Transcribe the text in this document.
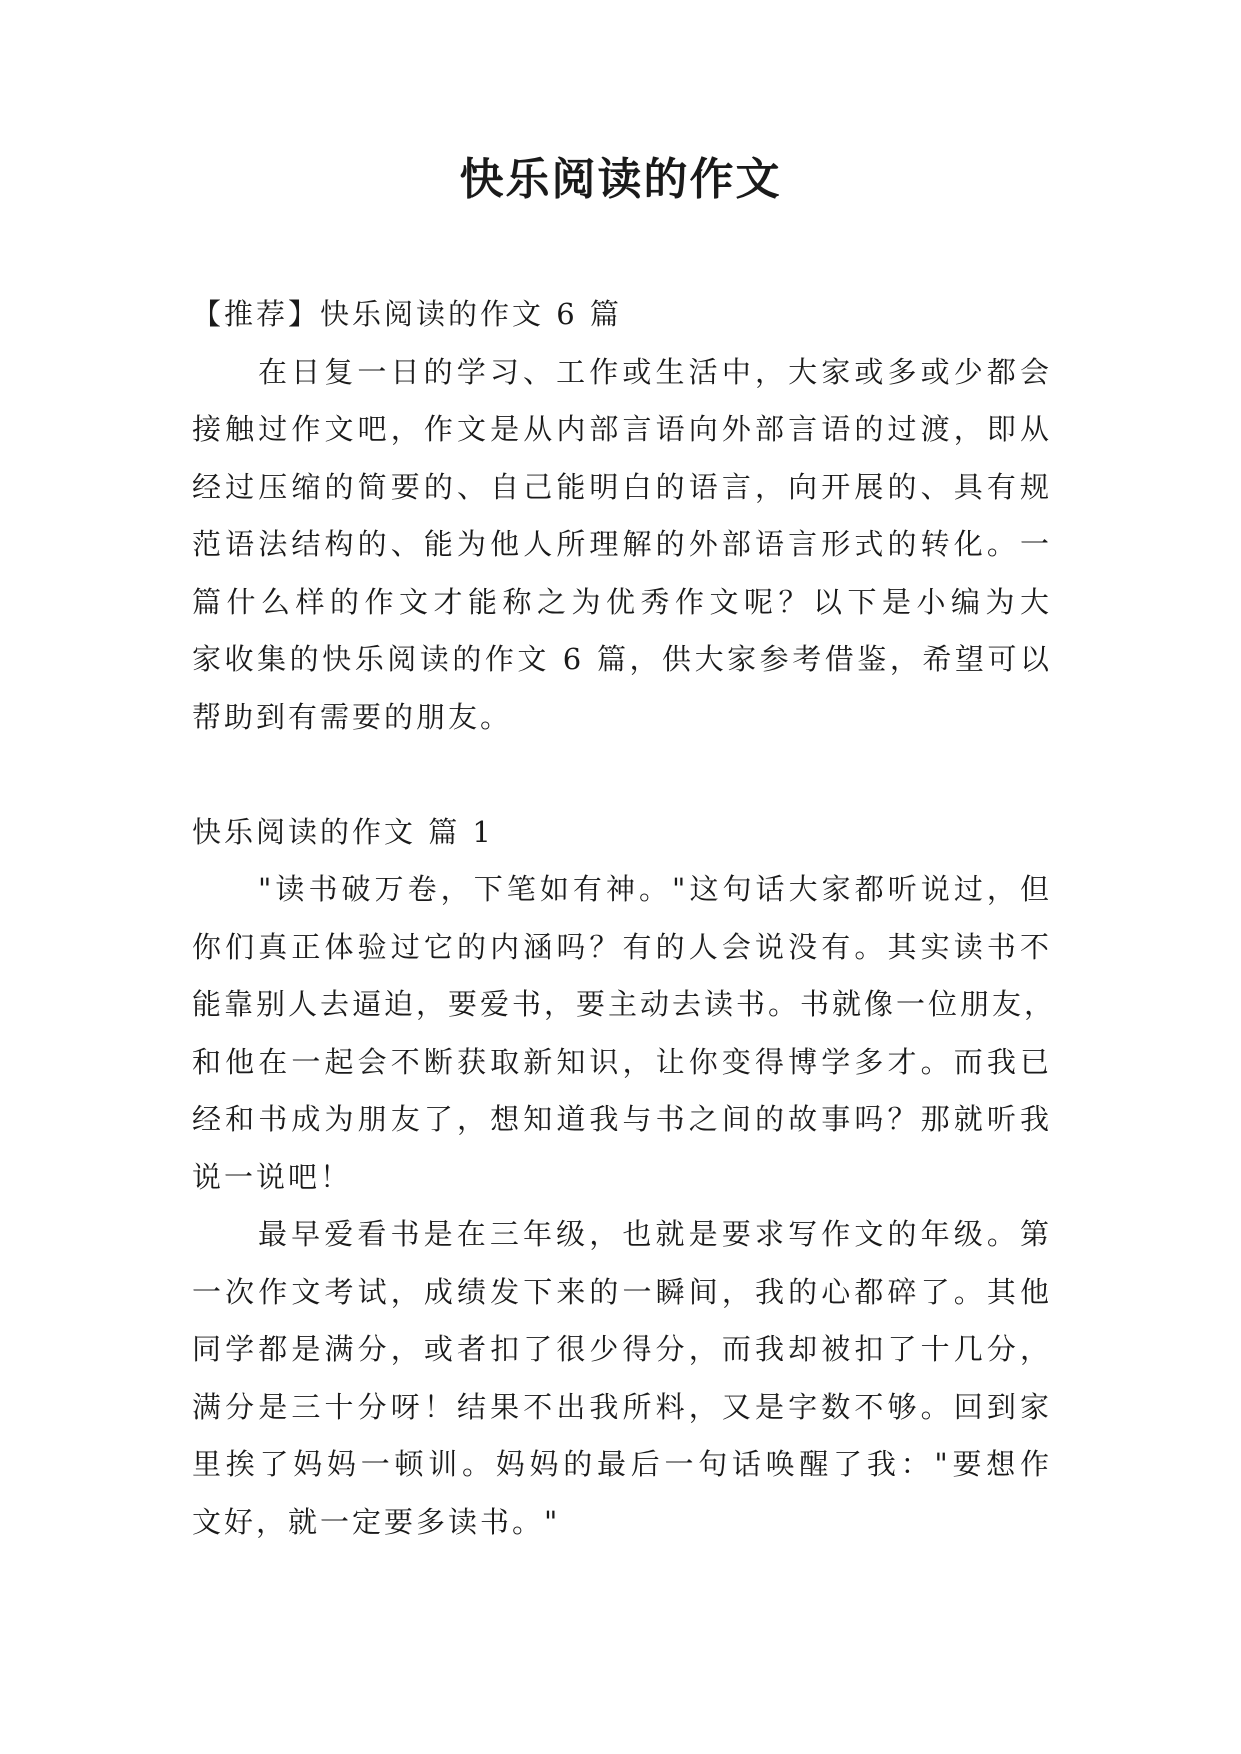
快乐阅读的作文

【推荐】快乐阅读的作文 6 篇

在日复一日的学习、工作或生活中，大家或多或少都会

接触过作文吧，作文是从内部言语向外部言语的过渡，即从

经过压缩的简要的、自己能明白的语言，向开展的、具有规

范语法结构的、能为他人所理解的外部语言形式的转化。一

篇什么样的作文才能称之为优秀作文呢？以下是小编为大

家收集的快乐阅读的作文 6 篇，供大家参考借鉴，希望可以

帮助到有需要的朋友。

快乐阅读的作文 篇 1

"读书破万卷，下笔如有神。"这句话大家都听说过，但

你们真正体验过它的内涵吗？有的人会说没有。其实读书不

能靠别人去逼迫，要爱书，要主动去读书。书就像一位朋友，

和他在一起会不断获取新知识，让你变得博学多才。而我已

经和书成为朋友了，想知道我与书之间的故事吗？那就听我

说一说吧！

最早爱看书是在三年级，也就是要求写作文的年级。第

一次作文考试，成绩发下来的一瞬间，我的心都碎了。其他

同学都是满分，或者扣了很少得分，而我却被扣了十几分，

满分是三十分呀！结果不出我所料，又是字数不够。回到家

里挨了妈妈一顿训。妈妈的最后一句话唤醒了我："要想作

文好，就一定要多读书。"
